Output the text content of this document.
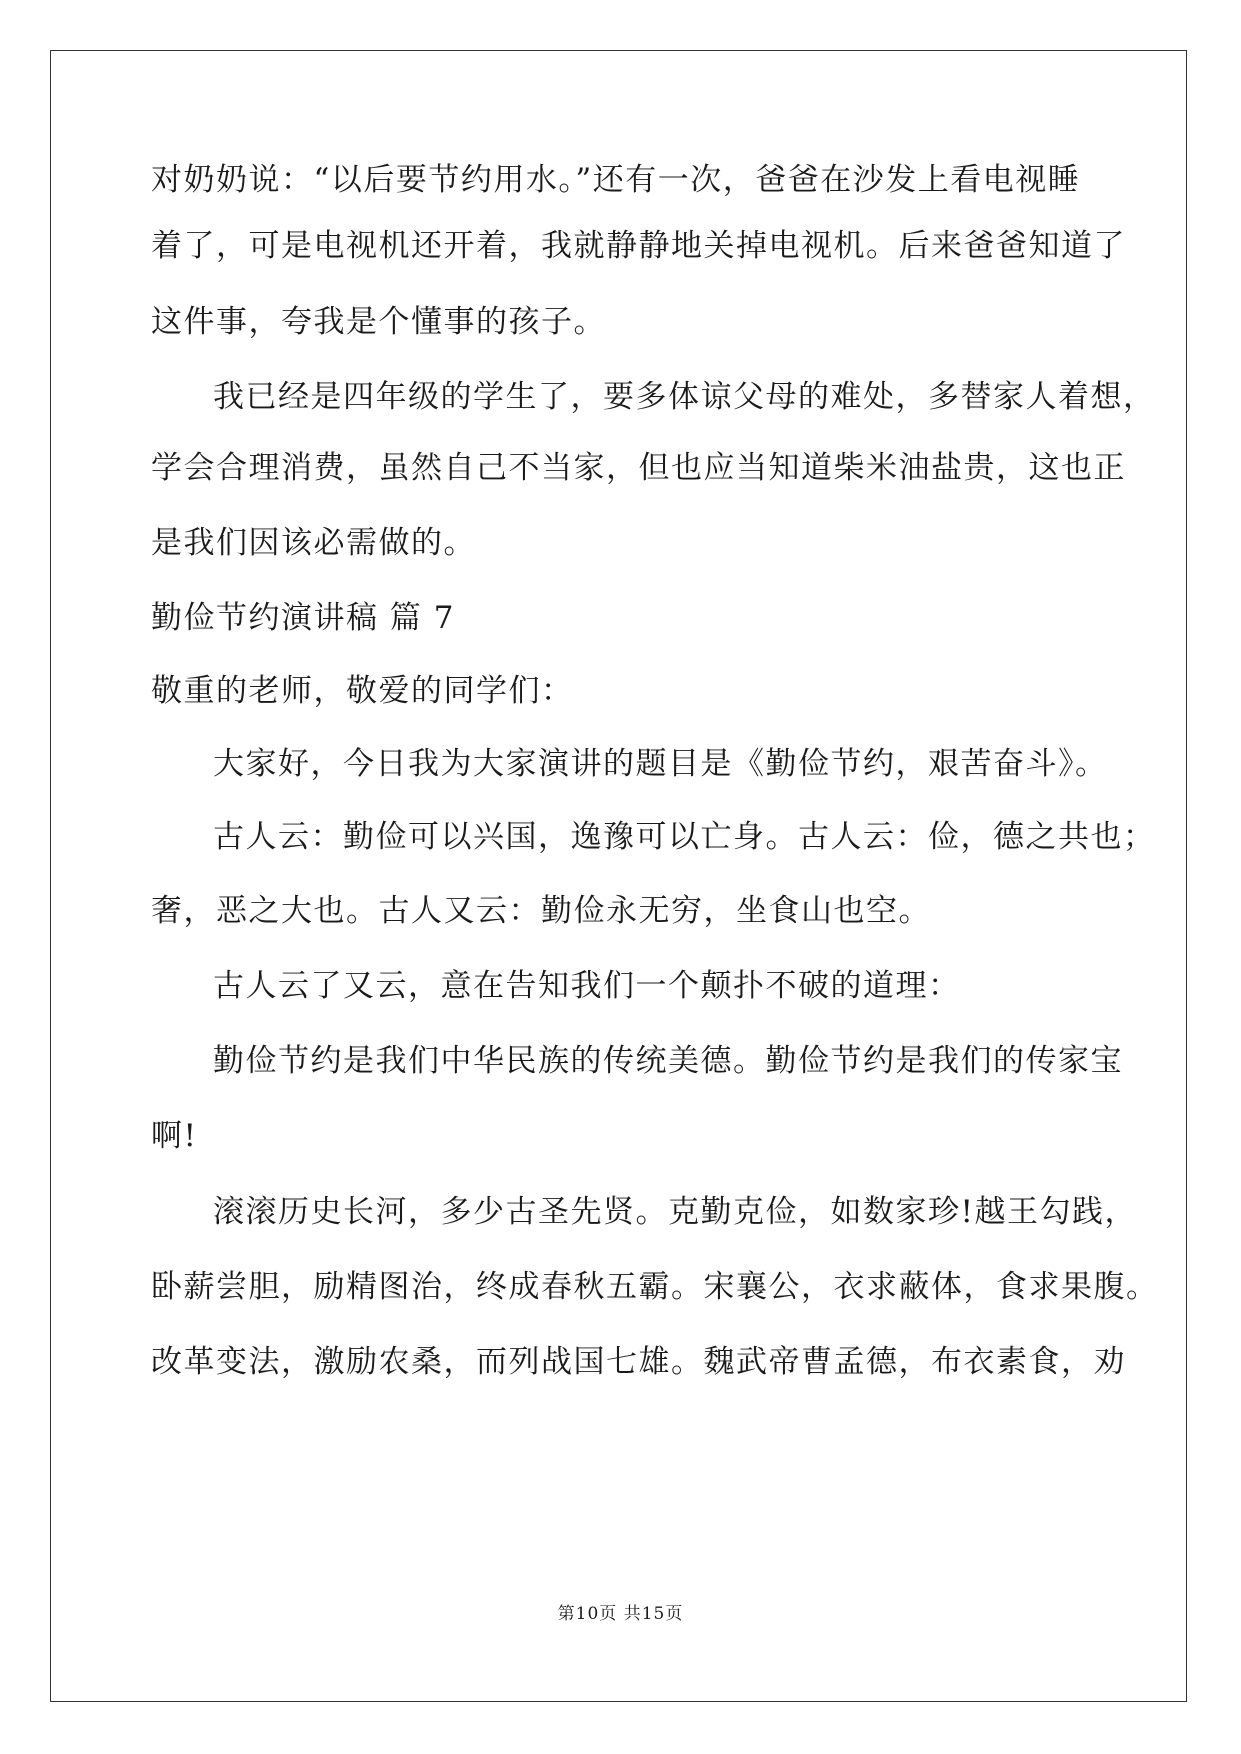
对奶奶说：“以后要节约用水。”还有一次，爸爸在沙发上看电视睡
着了，可是电视机还开着，我就静静地关掉电视机。后来爸爸知道了
这件事，夸我是个懂事的孩子。
我已经是四年级的学生了，要多体谅父母的难处，多替家人着想，
学会合理消费，虽然自己不当家，但也应当知道柴米油盐贵，这也正
是我们因该必需做的。
勤俭节约演讲稿 篇 7
敬重的老师，敬爱的同学们：
大家好，今日我为大家演讲的题目是《勤俭节约，艰苦奋斗》。
古人云：勤俭可以兴国，逸豫可以亡身。古人云：俭，德之共也；
奢，恶之大也。古人又云：勤俭永无穷，坐食山也空。
古人云了又云，意在告知我们一个颠扑不破的道理：
勤俭节约是我们中华民族的传统美德。勤俭节约是我们的传家宝
啊!
滚滚历史长河，多少古圣先贤。克勤克俭，如数家珍!越王勾践，
卧薪尝胆，励精图治，终成春秋五霸。宋襄公，衣求蔽体，食求果腹。
改革变法，激励农桑，而列战国七雄。魏武帝曹孟德，布衣素食，劝
第10页 共15页
